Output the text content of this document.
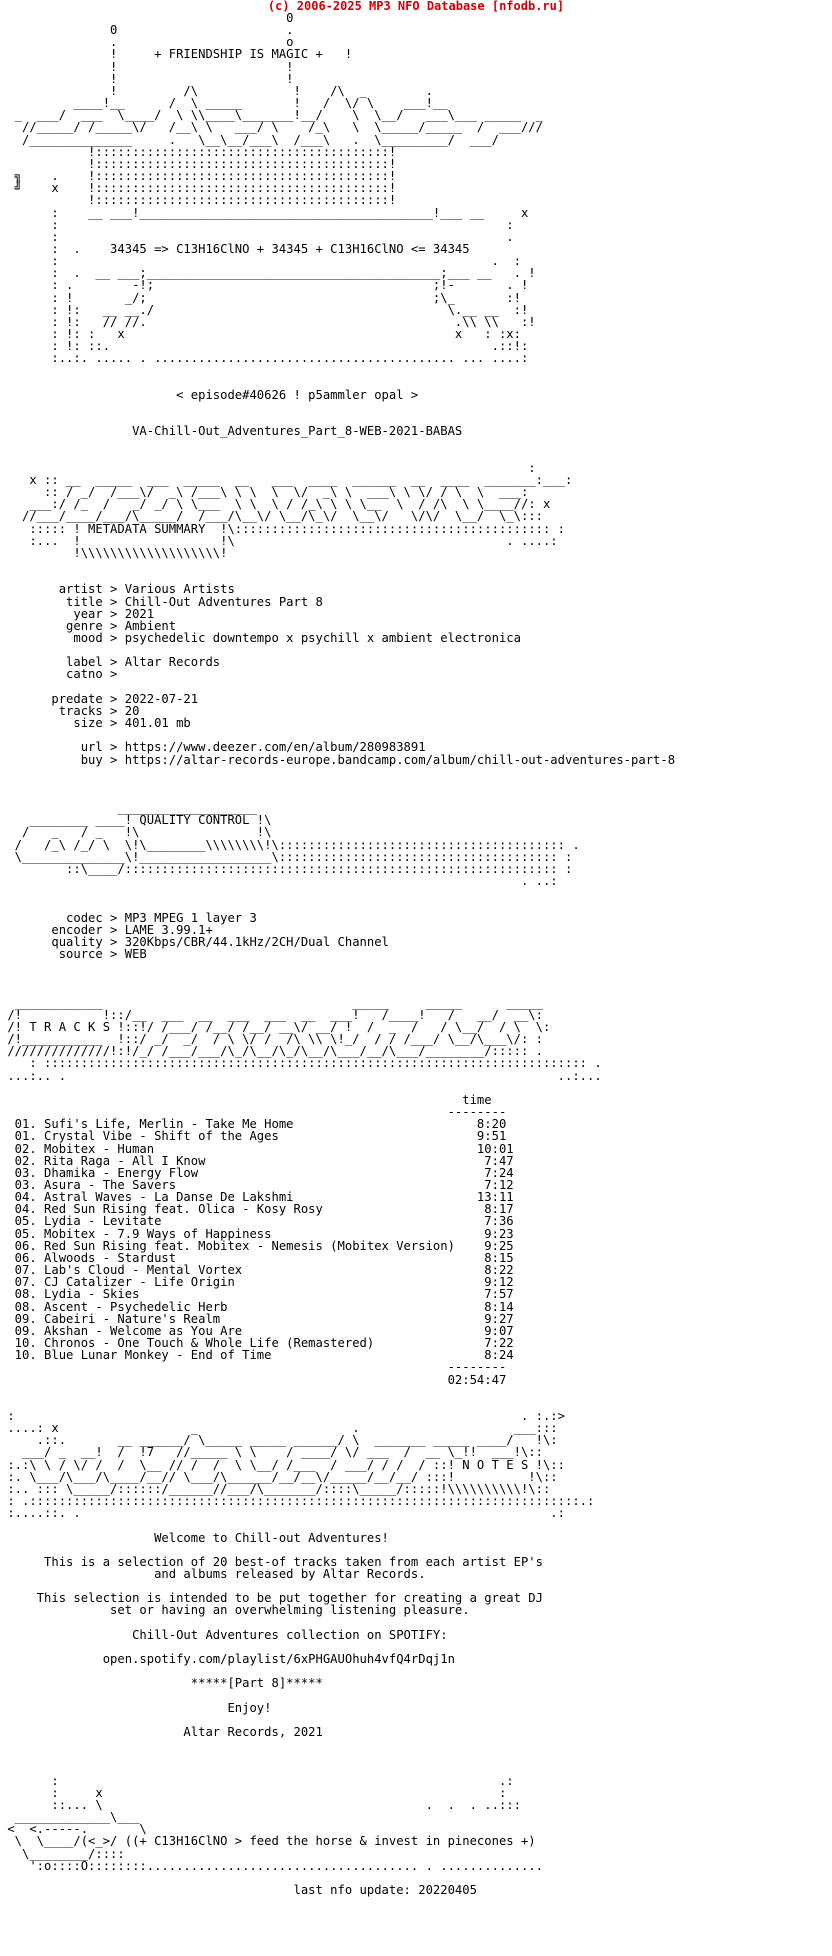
(c) 2006-2025 MP3 NFO Database [nfodb.ru]
0
0                       .
.                       o
!     + FRIENDSHIP IS MAGIC +   !
!                       !
!                       !
!         /\             !    /\  _        .
____!__      /  \ _____       !   /  \/ \    ___!__
_  ___/  ___  \____/  \ \\____\_______!__/    \  \__/   ___\___ _____  _
//_____/ /_____\/   /__\ \   ___/ \    /_\   \  \_____/_____  /  ___///
/______________     .   \__\__/___\  /___\   .  \_________/  ___/
!::::::::::::::::::::::::::::::::::::::::!
!::::::::::::::::::::::::::::::::::::::::!
╗    .    !::::::::::::::::::::::::::::::::::::::::!
╝    x    !::::::::::::::::::::::::::::::::::::::::!
!::::::::::::::::::::::::::::::::::::::::!
:    __ ___!________________________________________!___ __     x
:                                                             :
:                                                             .
:  .    34345 => C13H16ClNO + 34345 + C13H16ClNO <= 34345
:                                                           .  :
:  .  __ ___;________________________________________;___ __   . !
: .        -!;                                      ;!-       . !
: !       _/;                                       ;\_       :!
: !:   __ __./                                        \.__ __  :!
: !:   // //.                                          .\\ \\   :!
: !: :   x                                             x   : :x:
: !: ::.                                                    .::!:
:..:. ..... . ......................................... ... ....:

< episode#40626 ! p5ammler opal >

VA-Chill-Out_Adventures_Part_8-WEB-2021-BABAS

:
x :: __  _____  ___  _____  __   ___  ____  ______  __  ____  _______:___:
:: / _/  /___\/  _\ /___\ \ \  \  \/  _\ \  ___\ \ \/ / \  \  ___:
___:/ /_  /   _/ _/ \ \___  \ \  \ / /_\ \ \ \__  \  / /\  \ \____//: x
//___/____/___/\_____/  /___/\__\/ \__/\_\/  \__\/   \/\/  \__/  \_\:::
::::: ! METADATA SUMMARY  !\::::::::::::::::::::::::::::::::::::::::::: :
:...  !                   !\                                     . ....:
!\\\\\\\\\\\\\\\\\\\!

artist > Various Artists
title > Chill-Out Adventures Part 8
year > 2021
genre > Ambient
mood > psychedelic downtempo x psychill x ambient electronica

label > Altar Records
catno >

predate > 2022-07-21
tracks > 20
size > 401.01 mb

url > https://www.deezer.com/en/album/280983891
buy > https://altar-records-europe.bandcamp.com/album/chill-out-adventures-part-8

___________________
________ ____! QUALITY CONTROL !\
/   _   / _   !\                !\
/   /_\ /_/ \  \!\________\\\\\\\\!\::::::::::::::::::::::::::::::::::::::: .
\______________\!__________________\:::::::::::::::::::::::::::::::::::::: :
::\____/::::::::::::::::::::::::::::::::::::::::::::::::::::::::::: :
. ..:

codec > MP3 MPEG 1 layer 3
encoder > LAME 3.99.1+
quality > 320Kbps/CBR/44.1kHz/2CH/Dual Channel
source > WEB

____________                                  _____     _____      _____
/!           !::/__  ___  __  ___  ___  __  ___!   /____!   /   __/  __\:
/! T R A C K S !::!/ /___/ /__/ /__/ __\/ __/ !  /  _  /   / \__/  / \  \:
/!___________  !::/ _/  _/  / \ \/ /  /\ \\ \!_/  / / /___/ \__/\___\/: :
//////////////!:!/_/ /___/___/\_/\__/\_/\__/\___/__/\___/________/::::: .
: :::::::::::::::::::::::::::::::::::::::::::::::::::::::::::::::::::::::::: .
...:.. .                                                                   ..:...

time
--------
01. Sufi's Life, Merlin - Take Me Home                         8:20
01. Crystal Vibe - Shift of the Ages                           9:51
02. Mobitex - Human                                            10:01
02. Rita Raga - All I Know                                      7:47
03. Dhamika - Energy Flow                                       7:24
03. Asura - The Savers                                          7:12
04. Astral Waves - La Danse De Lakshmi                         13:11
04. Red Sun Rising feat. Olica - Kosy Rosy                      8:17
05. Lydia - Levitate                                            7:36
05. Mobitex - 7.9 Ways of Happiness                             9:23
06. Red Sun Rising feat. Mobitex - Nemesis (Mobitex Version)    9:25
06. Alwoods - Stardust                                          8:15
07. Lab's Cloud - Mental Vortex                                 8:22
07. CJ Catalizer - Life Origin                                  9:12
08. Lydia - Skies                                               7:57
08. Ascent - Psychedelic Herb                                   8:14
09. Cabeiri - Nature's Realm                                    9:27
09. Akshan - Welcome as You Are                                 9:07
10. Chronos - One Touch & Whole Life (Remastered)               7:22
10. Blue Lunar Monkey - End of Time                             8:24
--------
02:54:47

:                                                                     . :.:>
....: x                  _                     .                     ___:::
.::.       __ ______/ \_____ _____ ______/ \  _______ _____ ____/   !\:
___/ _  __!  /  !7   //_____ \ \    / ____/ \/ ___  /  __ \_!!  ___!\::
:.:\ \ / \/ /  /  \__ // /  /  \ \__/ /___  / ___/ / /  / ::! N O T E S !\::
:. \___/\___/\____/__// \___/\______/__/__\/_____/__/__/ :::!          !\::
:.. ::: \_____/::::::/______//___/\_______/::::\_____/:::::!\\\\\\\\\\!\::
: .:::::::::::::::::::::::::::::::::::::::::::::::::::::::::::::::::::::::::::.:
:....::. .                                                                .:

Welcome to Chill-out Adventures!

This is a selection of 20 best-of tracks taken from each artist EP's
and albums released by Altar Records.

This selection is intended to be put together for creating a great DJ
set or having an overwhelming listening pleasure.

Chill-Out Adventures collection on SPOTIFY:

open.spotify.com/playlist/6xPHGAUOhuh4vfQ4rDqj1n

*****[Part 8]*****

Enjoy!

Altar Records, 2021

:                                                            .:
:     x                                                      :
::... \                                            .  .  . ..:::
_____________\___
<  <.-----.       \
\  \____/(<_>/ ((+ C13H16ClNO > feed the horse & invest in pinecones +)
\________/::::
':o::::O::::::::..................................... . ..............

last nfo update: 20220405
